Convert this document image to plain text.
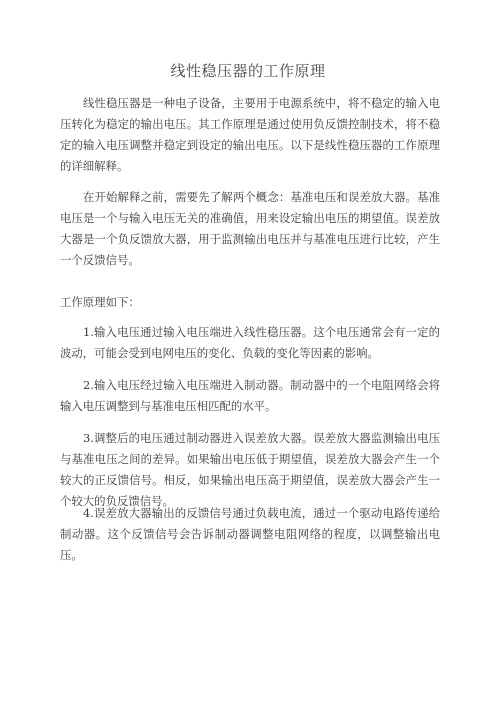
线性稳压器的工作原理

线性稳压器是一种电子设备，主要用于电源系统中，将不稳定的输入电压转化为稳定的输出电压。其工作原理是通过使用负反馈控制技术，将不稳定的输入电压调整并稳定到设定的输出电压。以下是线性稳压器的工作原理的详细解释。

在开始解释之前，需要先了解两个概念：基准电压和误差放大器。基准电压是一个与输入电压无关的准确值，用来设定输出电压的期望值。误差放大器是一个负反馈放大器，用于监测输出电压并与基准电压进行比较，产生一个反馈信号。

工作原理如下：

1.输入电压通过输入电压端进入线性稳压器。这个电压通常会有一定的波动，可能会受到电网电压的变化、负载的变化等因素的影响。

2.输入电压经过输入电压端进入制动器。制动器中的一个电阻网络会将输入电压调整到与基准电压相匹配的水平。

3.调整后的电压通过制动器进入误差放大器。误差放大器监测输出电压与基准电压之间的差异。如果输出电压低于期望值，误差放大器会产生一个较大的正反馈信号。相反，如果输出电压高于期望值，误差放大器会产生一个较大的负反馈信号。

4.误差放大器输出的反馈信号通过负载电流，通过一个驱动电路传递给制动器。这个反馈信号会告诉制动器调整电阻网络的程度，以调整输出电压。
